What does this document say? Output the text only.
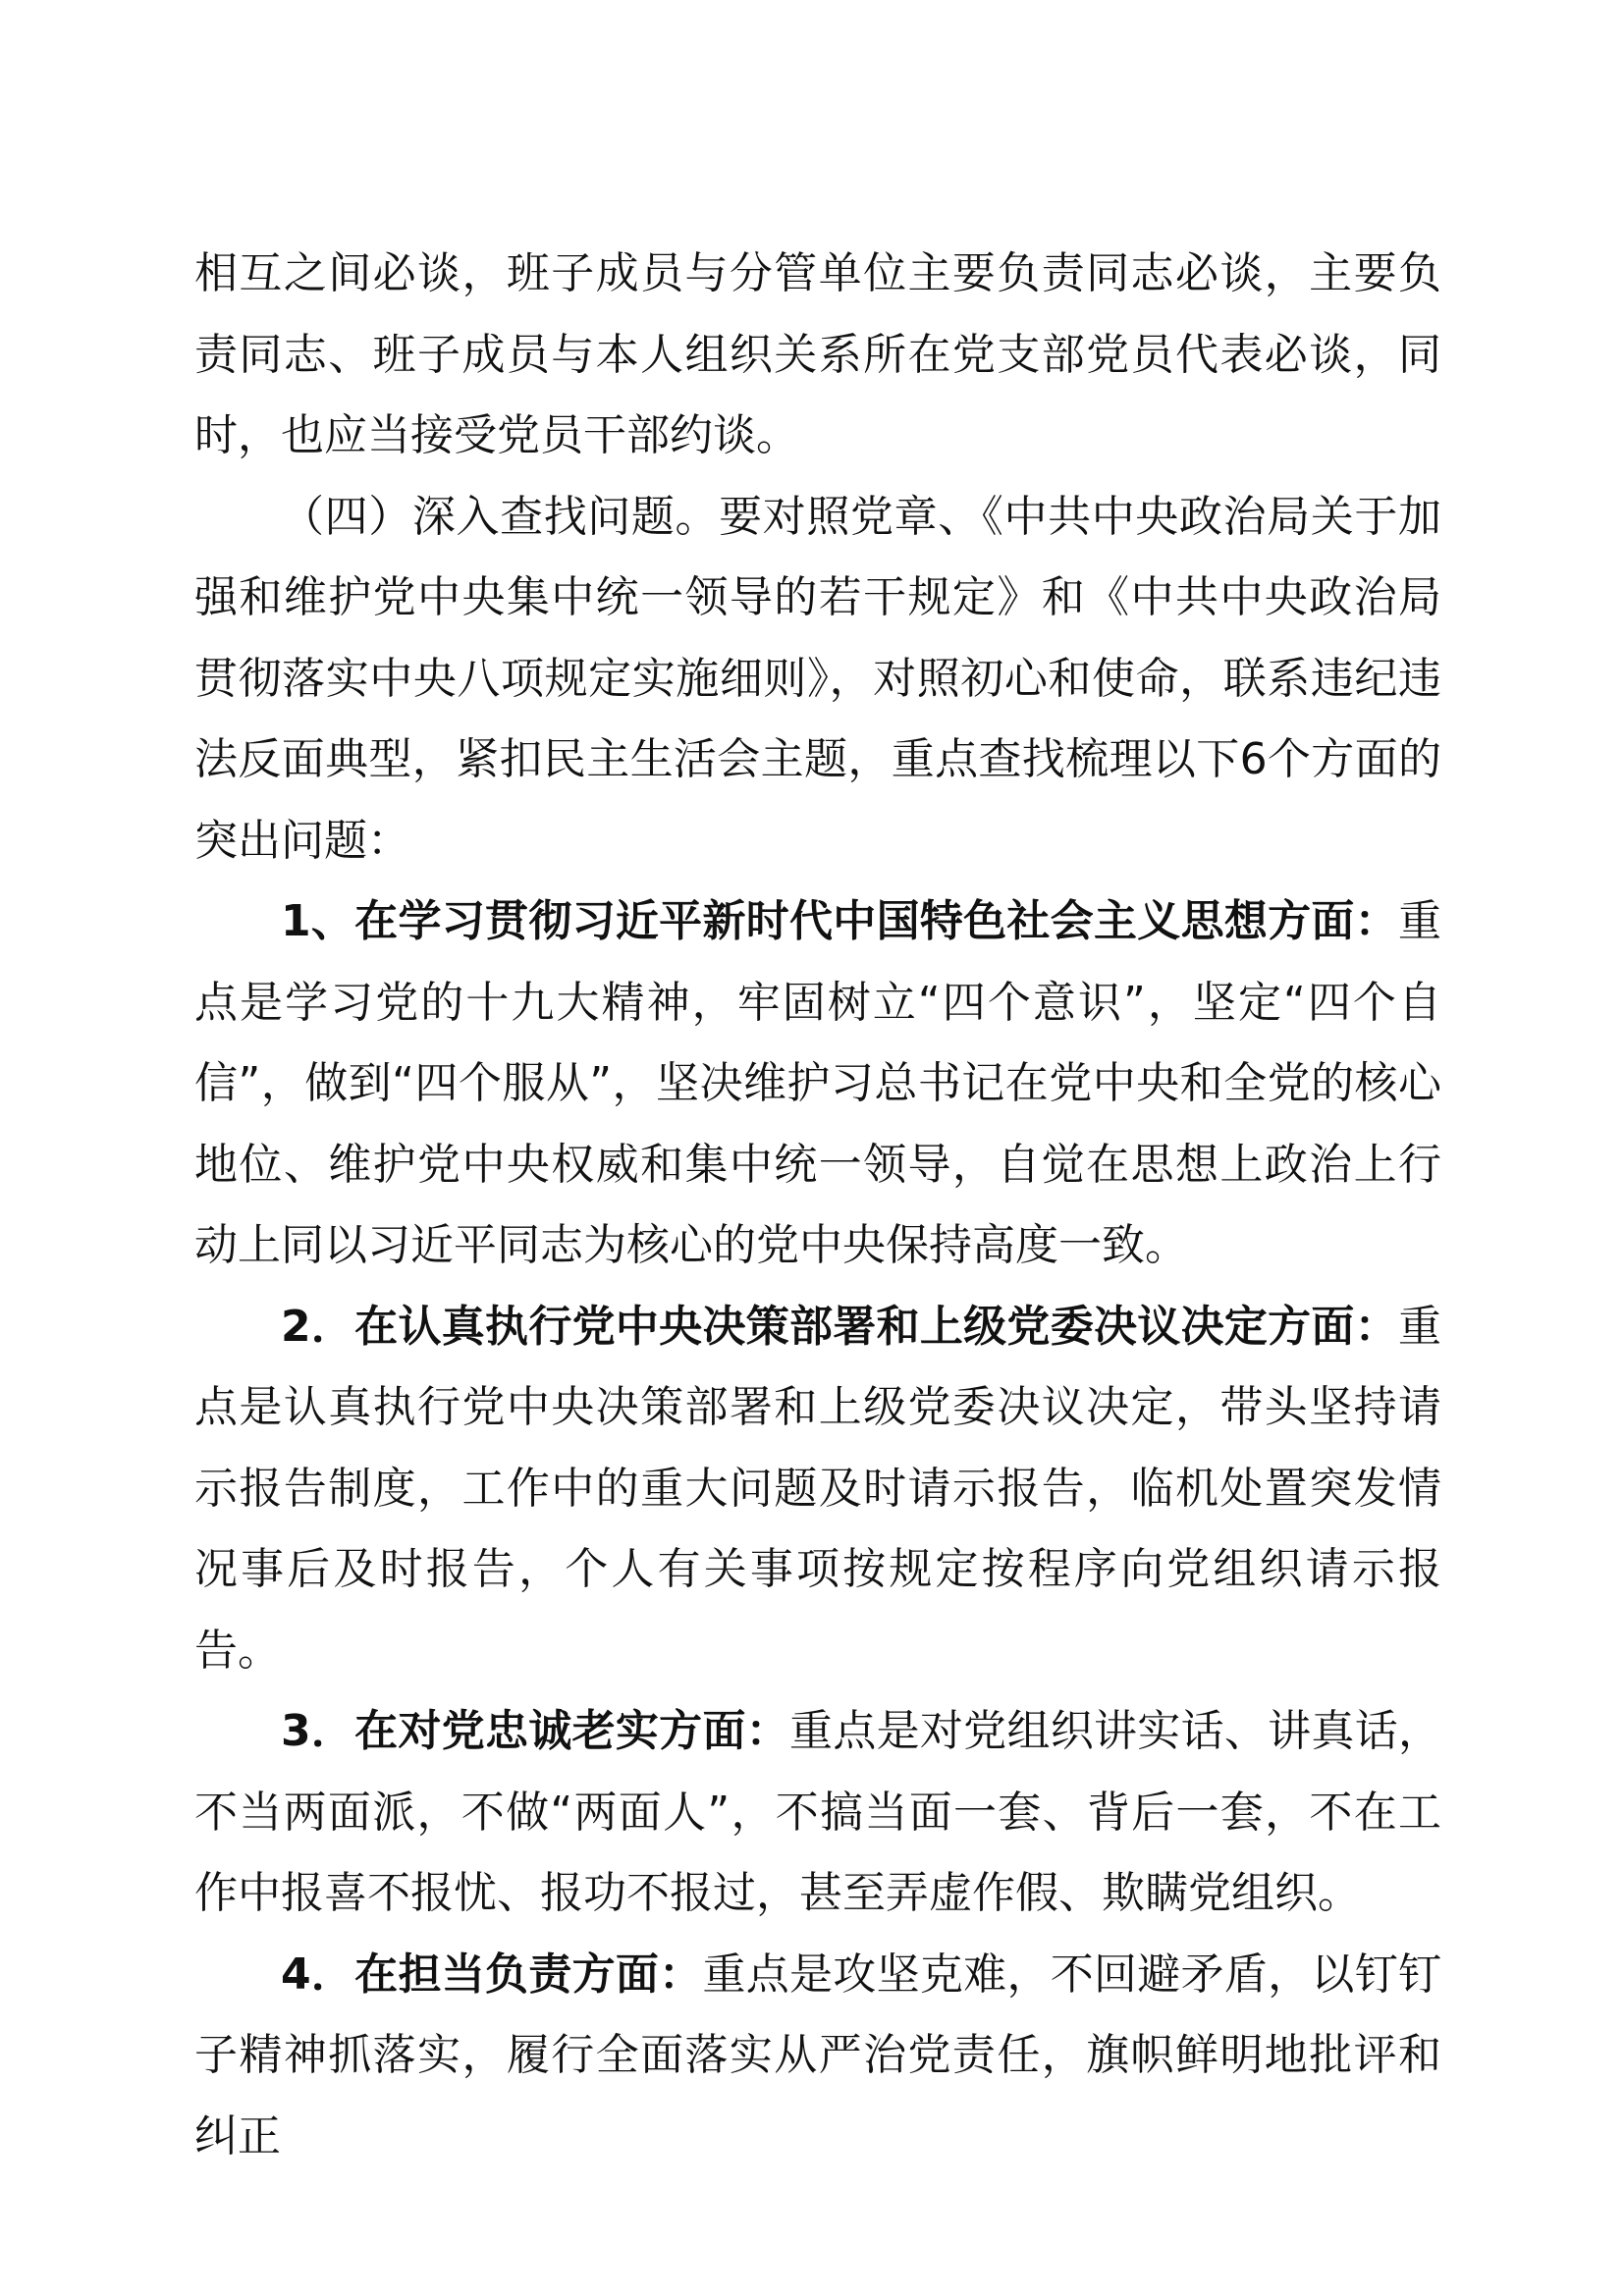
相互之间必谈，班子成员与分管单位主要负责同志必谈，主要负责同志、班子成员与本人组织关系所在党支部党员代表必谈，同时，也应当接受党员干部约谈。

（四）深入查找问题。要对照党章、《中共中央政治局关于加强和维护党中央集中统一领导的若干规定》和《中共中央政治局贯彻落实中央八项规定实施细则》，对照初心和使命，联系违纪违法反面典型，紧扣民主生活会主题，重点查找梳理以下6个方面的突出问题：

1、在学习贯彻习近平新时代中国特色社会主义思想方面：重点是学习党的十九大精神，牢固树立“四个意识”，坚定“四个自信”，做到“四个服从”，坚决维护习总书记在党中央和全党的核心地位、维护党中央权威和集中统一领导，自觉在思想上政治上行动上同以习近平同志为核心的党中央保持高度一致。

2．在认真执行党中央决策部署和上级党委决议决定方面：重点是认真执行党中央决策部署和上级党委决议决定，带头坚持请示报告制度，工作中的重大问题及时请示报告，临机处置突发情况事后及时报告，个人有关事项按规定按程序向党组织请示报告。

3．在对党忠诚老实方面：重点是对党组织讲实话、讲真话，不当两面派，不做“两面人”，不搞当面一套、背后一套，不在工作中报喜不报忧、报功不报过，甚至弄虚作假、欺瞒党组织。

4．在担当负责方面：重点是攻坚克难，不回避矛盾，以钉钉子精神抓落实，履行全面落实从严治党责任，旗帜鲜明地批评和纠正
